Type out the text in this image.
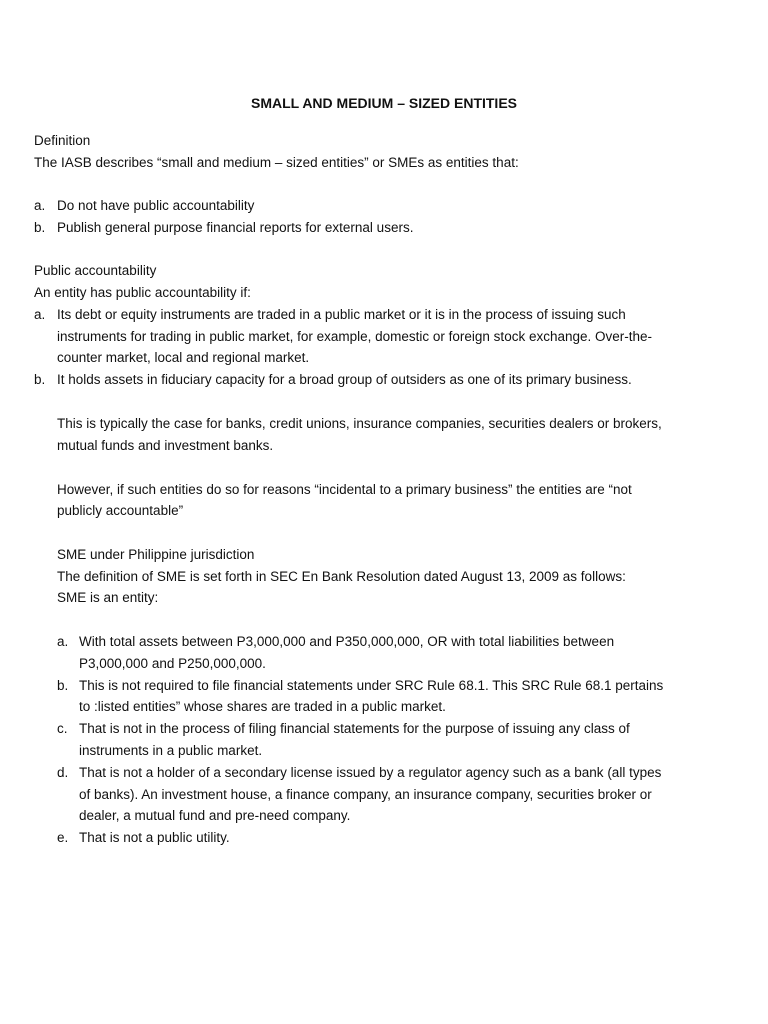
SMALL AND MEDIUM – SIZED ENTITIES
Definition
The IASB describes “small and medium – sized entities” or SMEs as entities that:
a. Do not have public accountability
b. Publish general purpose financial reports for external users.
Public accountability
An entity has public accountability if:
a. Its debt or equity instruments are traded in a public market or it is in the process of issuing such
instruments for trading in public market, for example, domestic or foreign stock exchange. Over-the-
counter market, local and regional market.
b. It holds assets in fiduciary capacity for a broad group of outsiders as one of its primary business.
This is typically the case for banks, credit unions, insurance companies, securities dealers or brokers,
mutual funds and investment banks.
However, if such entities do so for reasons “incidental to a primary business” the entities are “not
publicly accountable”
SME under Philippine jurisdiction
The definition of SME is set forth in SEC En Bank Resolution dated August 13, 2009 as follows:
SME is an entity:
a. With total assets between P3,000,000 and P350,000,000, OR with total liabilities between
P3,000,000 and P250,000,000.
b. This is not required to file financial statements under SRC Rule 68.1. This SRC Rule 68.1 pertains
to :listed entities” whose shares are traded in a public market.
c. That is not in the process of filing financial statements for the purpose of issuing any class of
instruments in a public market.
d. That is not a holder of a secondary license issued by a regulator agency such as a bank (all types
of banks). An investment house, a finance company, an insurance company, securities broker or
dealer, a mutual fund and pre-need company.
e. That is not a public utility.
